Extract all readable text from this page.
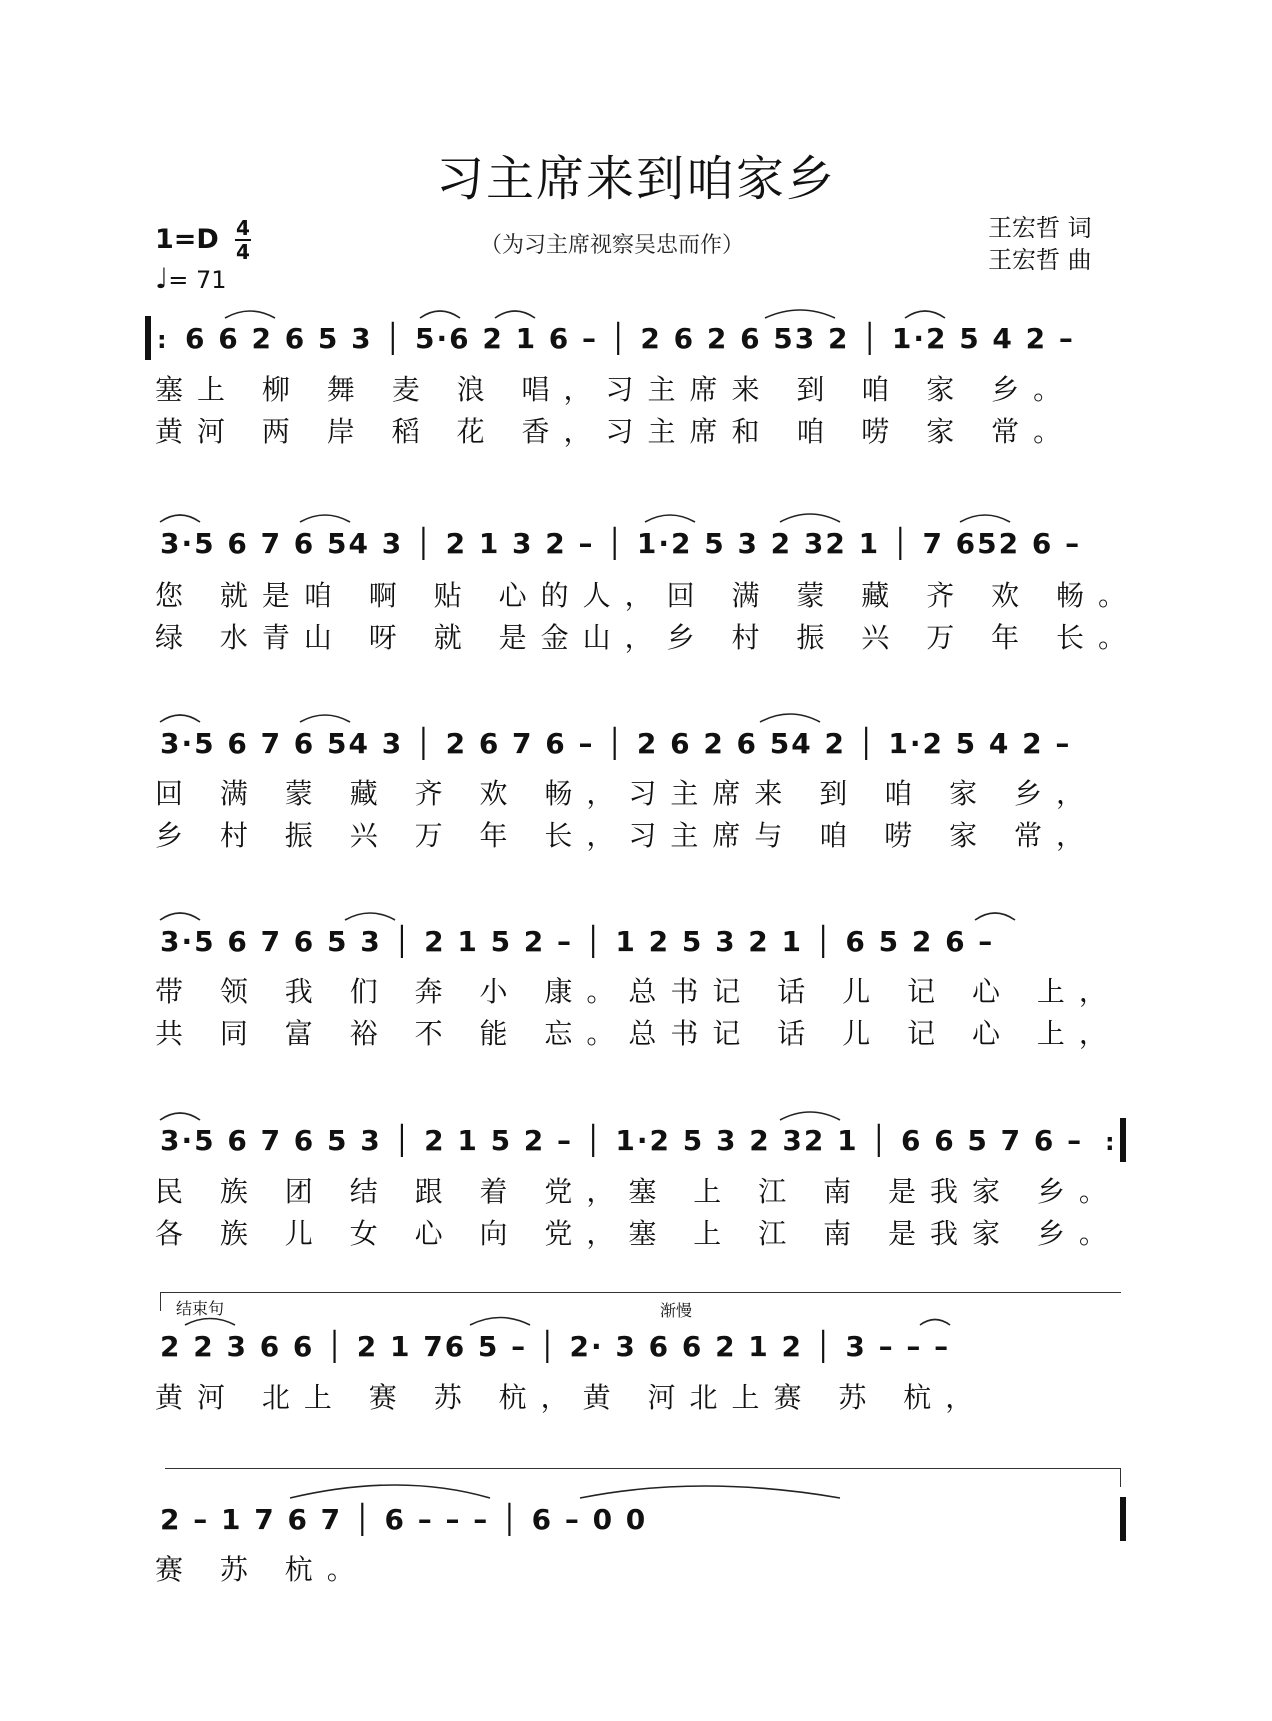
习主席来到咱家乡
（为习主席视察吴忠而作）
王宏哲 词
王宏哲 曲
1=D 4
4
♩= 71
: 6 6 2 6 5 3 │ 5·6 2 1 6 – │ 2 6 2 6 53 2 │ 1·2 5 4 2 –
塞上 柳 舞 麦 浪 唱，习主席来 到 咱 家 乡。
黄河 两 岸 稻 花 香，习主席和 咱 唠 家 常。
3·5 6 7 6 54 3 │ 2 1 3 2 – │ 1·2 5 3 2 32 1 │ 7 652 6 –
您 就是咱 啊 贴 心的人，回 满 蒙 藏 齐 欢 畅。
绿 水青山 呀 就 是金山，乡 村 振 兴 万 年 长。
3·5 6 7 6 54 3 │ 2 6 7 6 – │ 2 6 2 6 54 2 │ 1·2 5 4 2 –
回 满 蒙 藏 齐 欢 畅，习主席来 到 咱 家 乡，
乡 村 振 兴 万 年 长，习主席与 咱 唠 家 常，
3·5 6 7 6 5 3 │ 2 1 5 2 – │ 1 2 5 3 2 1 │ 6 5 2 6 –
带 领 我 们 奔 小 康。总书记 话 儿 记 心 上，
共 同 富 裕 不 能 忘。总书记 话 儿 记 心 上，
3·5 6 7 6 5 3 │ 2 1 5 2 – │ 1·2 5 3 2 32 1 │ 6 6 5 7 6 – :
民 族 团 结 跟 着 党，塞 上 江 南 是我家 乡。
各 族 儿 女 心 向 党，塞 上 江 南 是我家 乡。
结束句	渐慢
2 2 3 6 6 │ 2 1 76 5 – │ 2· 3 6 6 2 1 2 │ 3 – – –
黄河 北上 赛 苏 杭，黄 河北上赛 苏 杭，
2 – 1 7 6 7 │ 6 – – – │ 6 – 0 0
赛 苏 杭。
